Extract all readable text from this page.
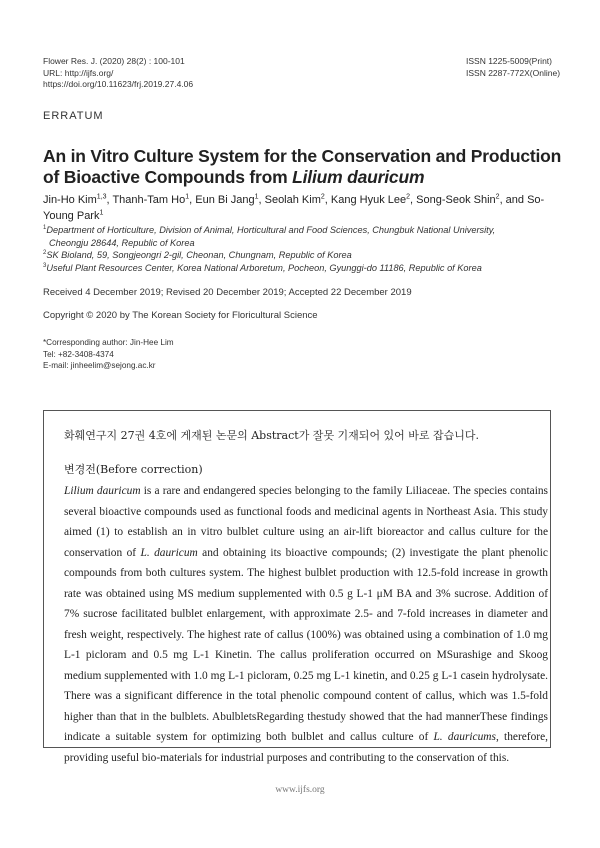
Flower Res. J. (2020) 28(2) : 100-101
URL: http://ijfs.org/
https://doi.org/10.11623/frj.2019.27.4.06
ISSN 1225-5009(Print)
ISSN 2287-772X(Online)
ERRATUM
An in Vitro Culture System for the Conservation and Production of Bioactive Compounds from Lilium dauricum
Jin-Ho Kim$^{1,3}$, Thanh-Tam Ho$^1$, Eun Bi Jang$^1$, Seolah Kim$^2$, Kang Hyuk Lee$^2$, Song-Seok Shin$^2$, and So-Young Park$^1$
$^1$Department of Horticulture, Division of Animal, Horticultural and Food Sciences, Chungbuk National University,
Cheongju 28644, Republic of Korea
$^2$SK Bioland, 59, Songjeongri 2-gil, Cheonan, Chungnam, Republic of Korea
$^3$Useful Plant Resources Center, Korea National Arboretum, Pocheon, Gyunggi-do 11186, Republic of Korea
Received 4 December 2019; Revised 20 December 2019; Accepted 22 December 2019
Copyright © 2020 by The Korean Society for Floricultural Science
*Corresponding author: Jin-Hee Lim
Tel: +82-3408-4374
E-mail: jinheelim@sejong.ac.kr
화훼연구지 27권 4호에 게재된 논문의 Abstract가 잘못 기재되어 있어 바로 잡습니다.
변경전(Before correction)
Lilium dauricum is a rare and endangered species belonging to the family Liliaceae. The species contains several bioactive compounds used as functional foods and medicinal agents in Northeast Asia. This study aimed (1) to establish an in vitro bulblet culture using an air-lift bioreactor and callus culture for the conservation of L. dauricum and obtaining its bioactive compounds; (2) investigate the plant phenolic compounds from both cultures system. The highest bulblet production with 12.5-fold increase in growth rate was obtained using MS medium supplemented with 0.5 g L-1 μM BA and 3% sucrose. Addition of 7% sucrose facilitated bulblet enlargement, with approximate 2.5- and 7-fold increases in diameter and fresh weight, respectively. The highest rate of callus (100%) was obtained using a combination of 1.0 mg L-1 picloram and 0.5 mg L-1 Kinetin. The callus proliferation occurred on MSurashige and Skoog medium supplemented with 1.0 mg L-1 picloram, 0.25 mg L-1 kinetin, and 0.25 g L-1 casein hydrolysate. There was a significant difference in the total phenolic compound content of callus, which was 1.5-fold higher than that in the bulblets. AbulbletsRegarding thestudy showed that the had mannerThese findings indicate a suitable system for optimizing both bulblet and callus culture of L. dauricums, therefore, providing useful bio-materials for industrial purposes and contributing to the conservation of this.
www.ijfs.org
